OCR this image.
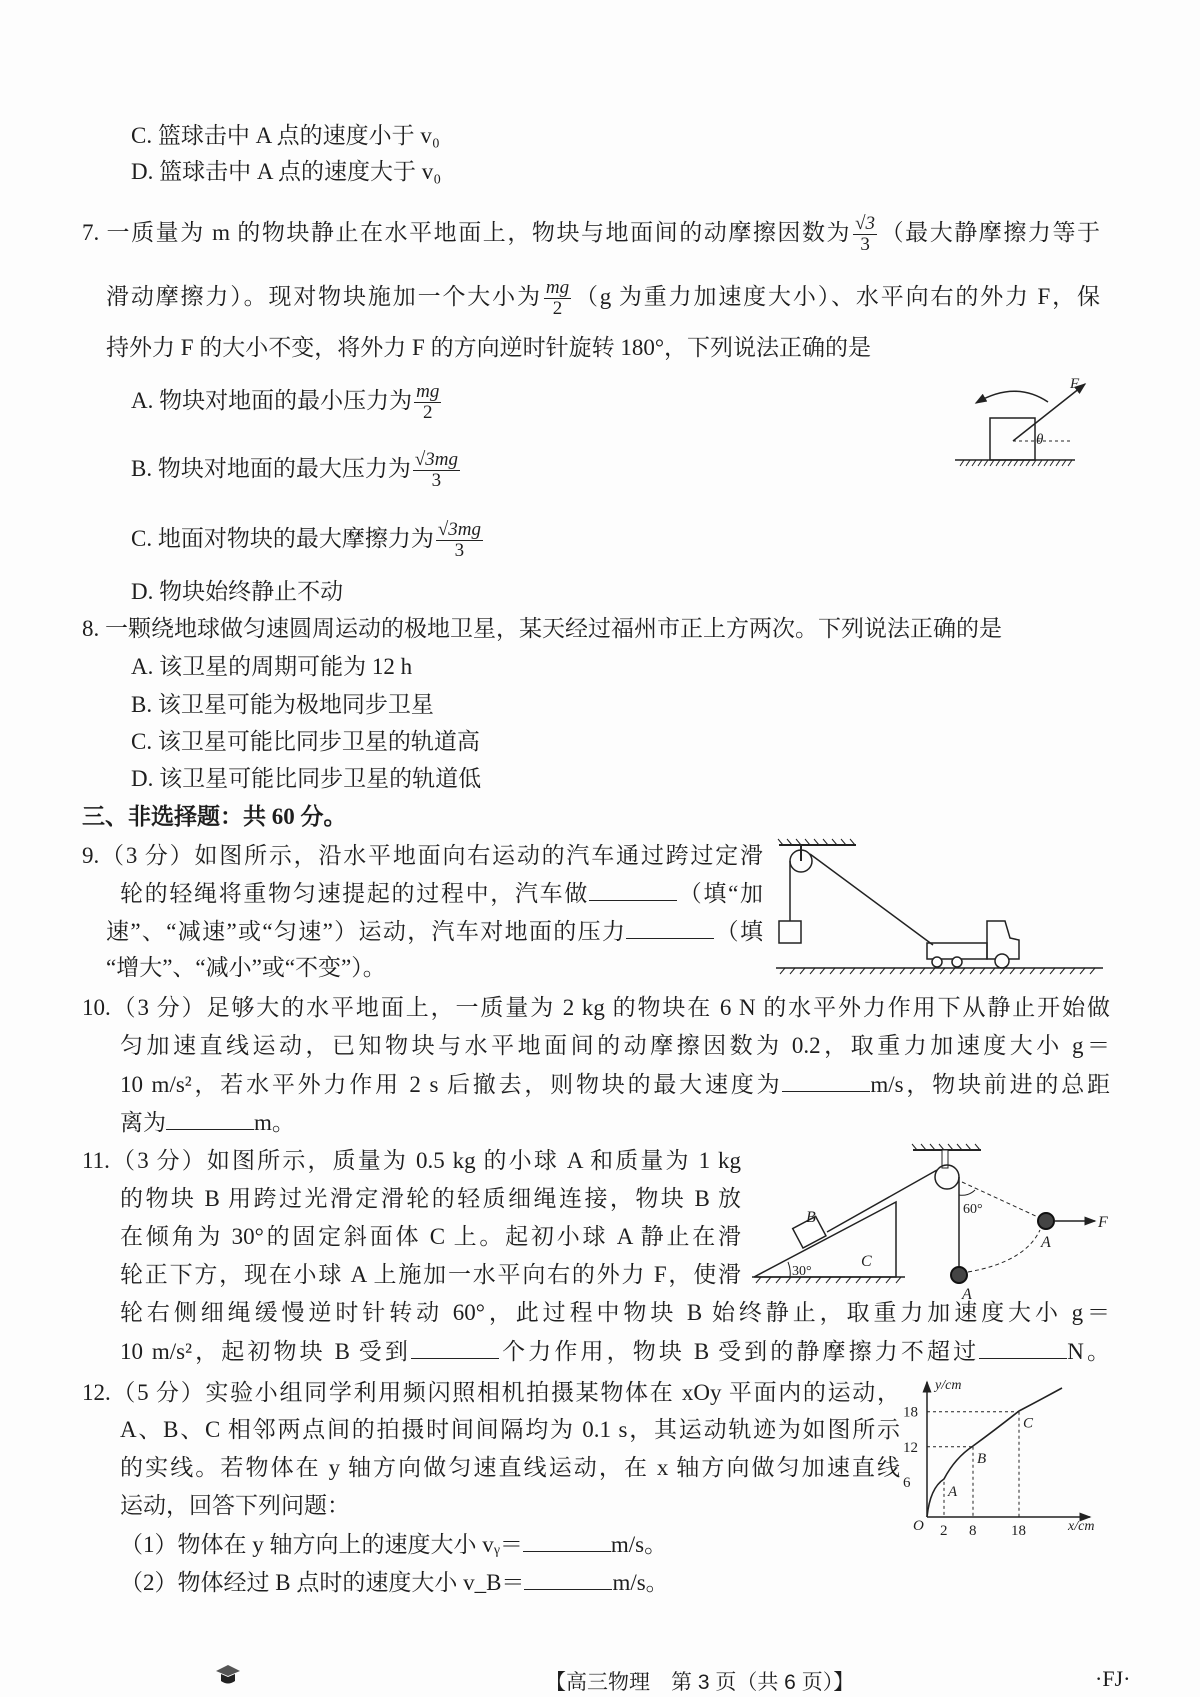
C. 篮球击中 A 点的速度小于 v₀
D. 篮球击中 A 点的速度大于 v₀
7. 一质量为 m 的物块静止在水平地面上，物块与地面间的动摩擦因数为 $\frac{√3}{3}$ （最大静摩擦力等于
滑动摩擦力）。现对物块施加一个大小为 $\frac{mg}{2} (g$ 为重力加速度大小）、水平向右的外力 F，保
持外力 F 的大小不变，将外力 F 的方向逆时针旋转 180°，下列说法正确的是
A. 物块对地面的最小压力为 $\frac{mg}{2}$
B. 物块对地面的最大压力为 $\frac{√3mg}{3}$
C. 地面对物块的最大摩擦力为 $\frac{√3mg}{3}$
D. 物块始终静止不动
8. 一颗绕地球做匀速圆周运动的极地卫星，某天经过福州市正上方两次。下列说法正确的是
A. 该卫星的周期可能为 12 h
B. 该卫星可能为极地同步卫星
C. 该卫星可能比同步卫星的轨道高
D. 该卫星可能比同步卫星的轨道低
三、非选择题：共 60 分。
9.（3 分）如图所示，沿水平地面向右运动的汽车通过跨过定滑
轮的轻绳将重物匀速提起的过程中，汽车做	（填“加
速”、“减速”或“匀速”）运动，汽车对地面的压力	（填
“增大”、“减小”或“不变”）。
10.（3 分）足够大的水平地面上，一质量为 2 kg 的物块在 6 N 的水平外力作用下从静止开始做
匀加速直线运动，已知物块与水平地面间的动摩擦因数为 0.2，取重力加速度大小 g＝
10 m/s²，若水平外力作用 2 s 后撤去，则物块的最大速度为	m/s，物块前进的总距
离为	m。
11.（3 分）如图所示，质量为 0.5 kg 的小球 A 和质量为 1 kg
的物块 B 用跨过光滑定滑轮的轻质细绳连接，物块 B 放
在倾角为 30°的固定斜面体 C 上。起初小球 A 静止在滑
轮正下方，现在小球 A 上施加一水平向右的外力 F，使滑
轮右侧细绳缓慢逆时针转动 60°，此过程中物块 B 始终静止，取重力加速度大小 g＝
10 m/s²，起初物块 B 受到	个力作用，物块 B 受到的静摩擦力不超过	N。
12.（5 分）实验小组同学利用频闪照相机拍摄某物体在 xOy 平面内的运动，
A、B、C 相邻两点间的拍摄时间间隔均为 0.1 s，其运动轨迹为如图所示
的实线。若物体在 y 轴方向做匀速直线运动，在 x 轴方向做匀加速直线
运动，回答下列问题：
（1）物体在 y 轴方向上的速度大小 vᵧ＝	m/s。
（2）物体经过 B 点时的速度大小 v_B＝	m/s。
F
θ
B
C
30°
60°
A
A
F
A
B
C
6
12
18
2 8 18
y/cm
x/cm
O
【高三物理　第 3 页（共 6 页）】	·FJ·
